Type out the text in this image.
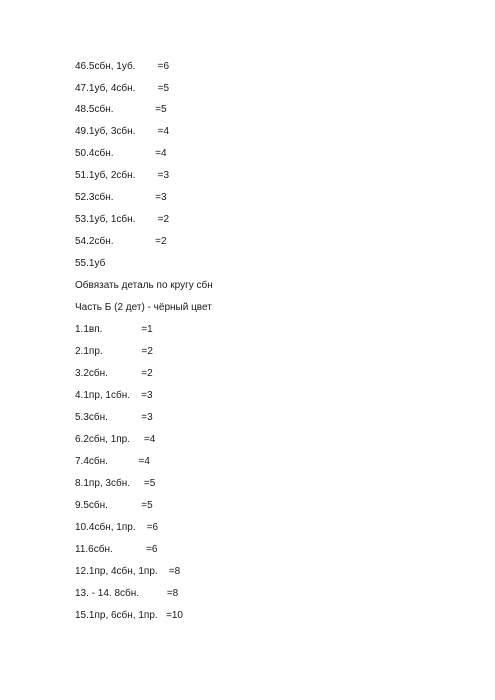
46.5сбн, 1уб.        =6
47.1уб, 4сбн.        =5
48.5сбн.               =5
49.1уб, 3сбн.        =4
50.4сбн.               =4
51.1уб, 2сбн.        =3
52.3сбн.               =3
53.1уб, 1сбн.        =2
54.2сбн.               =2
55.1уб
Обвязать деталь по кругу сбн
Часть Б (2 дет) - чёрный цвет
1.1вп.              =1
2.1пр.              =2
3.2сбн.            =2
4.1пр, 1сбн.    =3
5.3сбн.            =3
6.2сбн, 1пр.     =4
7.4сбн.           =4
8.1пр, 3сбн.     =5
9.5сбн.            =5
10.4сбн, 1пр.    =6
11.6сбн.            =6
12.1пр, 4сбн, 1пр.    =8
13. - 14. 8сбн.          =8
15.1пр, 6сбн, 1пр.   =10
